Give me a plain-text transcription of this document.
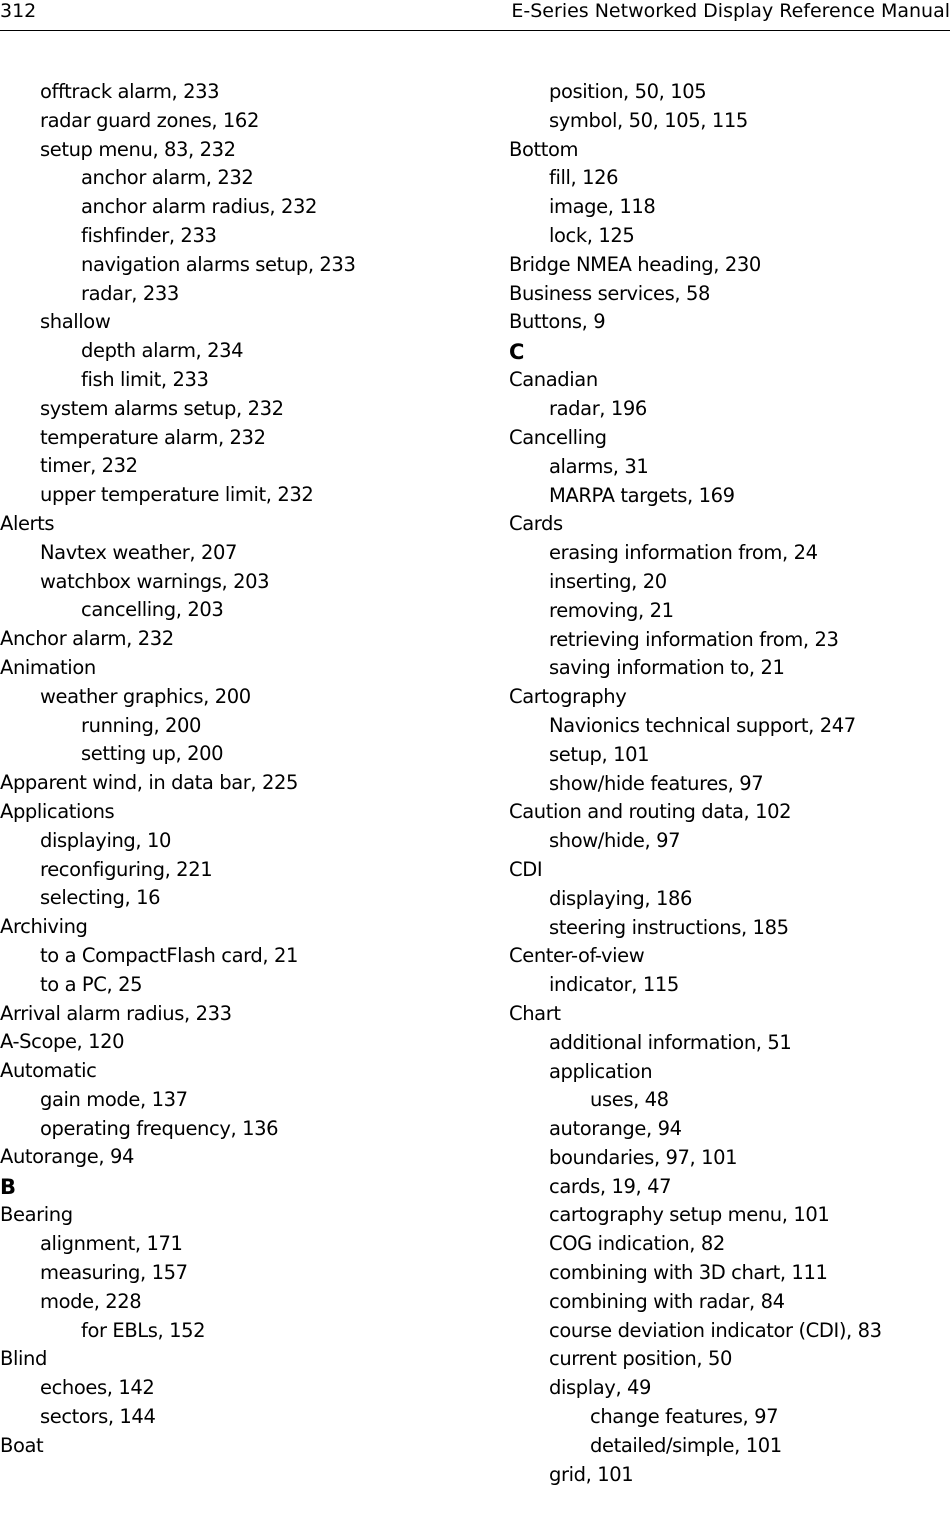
312	E-Series Networked Display Reference Manual
offtrack alarm, 233
radar guard zones, 162
setup menu, 83, 232
anchor alarm, 232
anchor alarm radius, 232
fishfinder, 233
navigation alarms setup, 233
radar, 233
shallow
depth alarm, 234
fish limit, 233
system alarms setup, 232
temperature alarm, 232
timer, 232
upper temperature limit, 232
Alerts
Navtex weather, 207
watchbox warnings, 203
cancelling, 203
Anchor alarm, 232
Animation
weather graphics, 200
running, 200
setting up, 200
Apparent wind, in data bar, 225
Applications
displaying, 10
reconfiguring, 221
selecting, 16
Archiving
to a CompactFlash card, 21
to a PC, 25
Arrival alarm radius, 233
A-Scope, 120
Automatic
gain mode, 137
operating frequency, 136
Autorange, 94
B
Bearing
alignment, 171
measuring, 157
mode, 228
for EBLs, 152
Blind
echoes, 142
sectors, 144
Boat
position, 50, 105
symbol, 50, 105, 115
Bottom
fill, 126
image, 118
lock, 125
Bridge NMEA heading, 230
Business services, 58
Buttons, 9
C
Canadian
radar, 196
Cancelling
alarms, 31
MARPA targets, 169
Cards
erasing information from, 24
inserting, 20
removing, 21
retrieving information from, 23
saving information to, 21
Cartography
Navionics technical support, 247
setup, 101
show/hide features, 97
Caution and routing data, 102
show/hide, 97
CDI
displaying, 186
steering instructions, 185
Center-of-view
indicator, 115
Chart
additional information, 51
application
uses, 48
autorange, 94
boundaries, 97, 101
cards, 19, 47
cartography setup menu, 101
COG indication, 82
combining with 3D chart, 111
combining with radar, 84
course deviation indicator (CDI), 83
current position, 50
display, 49
change features, 97
detailed/simple, 101
grid, 101
